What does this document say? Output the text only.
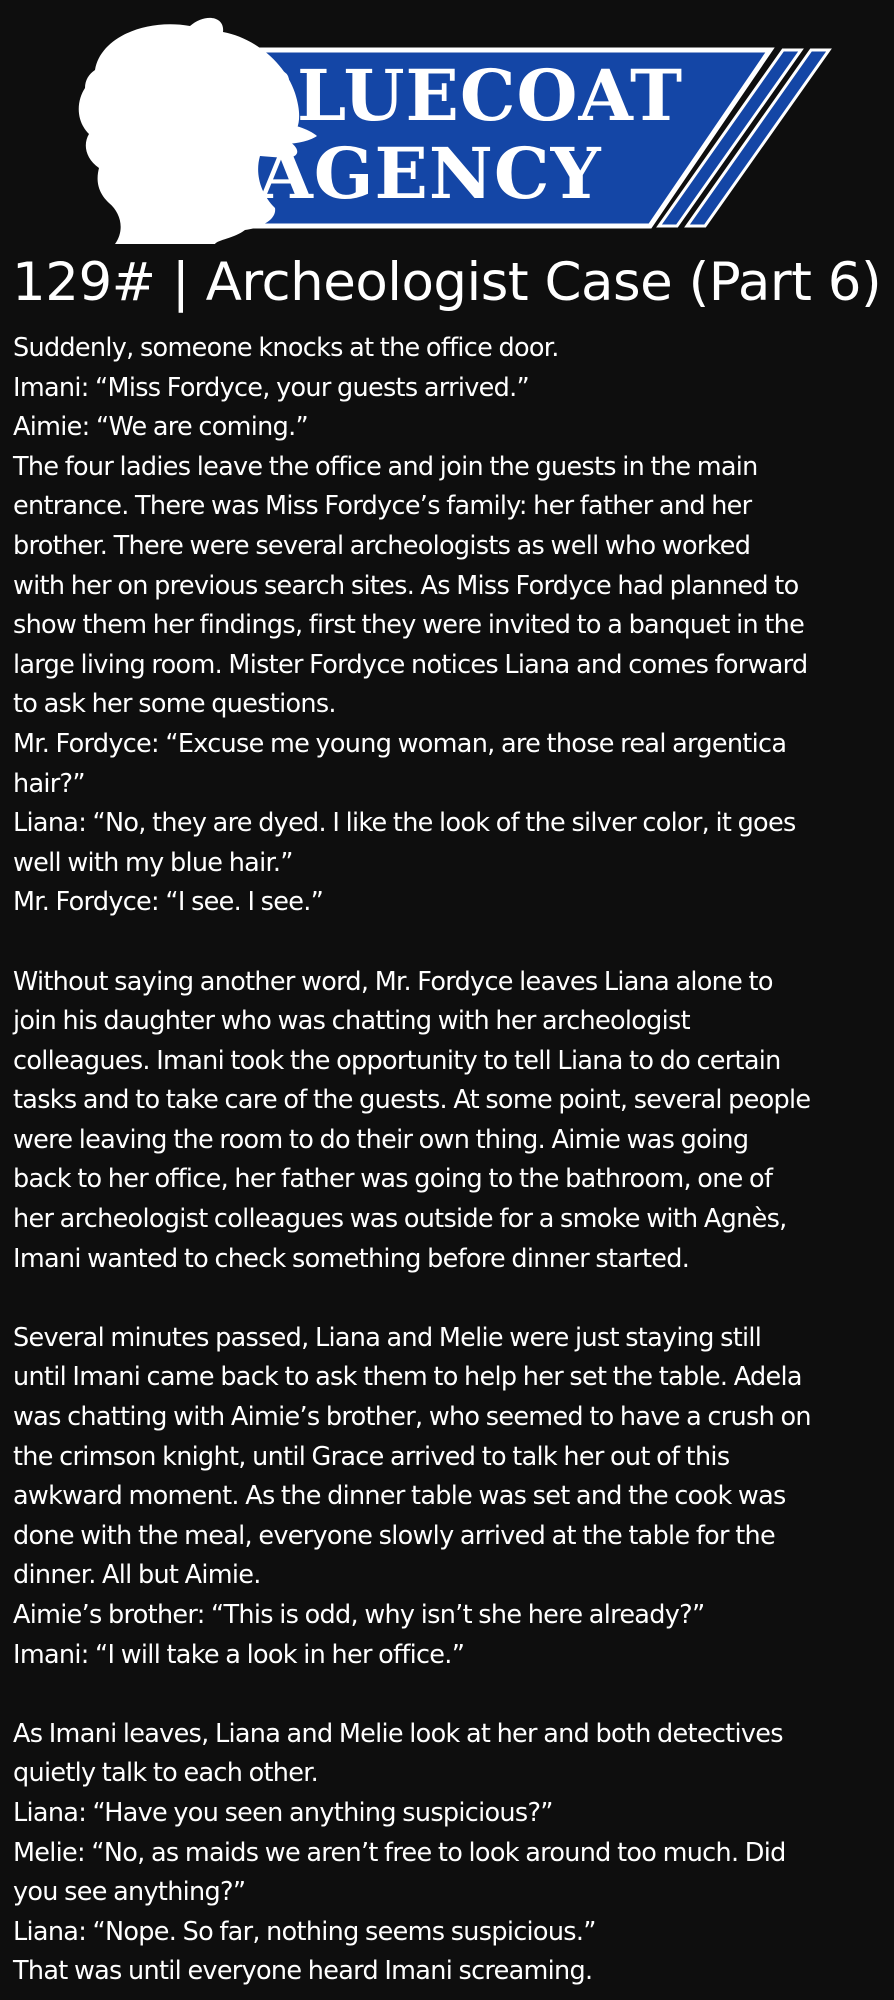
BLUECOAT
AGENCY
129# | Archeologist Case (Part 6)
Suddenly, someone knocks at the office door.
Imani: “Miss Fordyce, your guests arrived.”
Aimie: “We are coming.”
The four ladies leave the office and join the guests in the main
entrance. There was Miss Fordyce’s family: her father and her
brother. There were several archeologists as well who worked
with her on previous search sites. As Miss Fordyce had planned to
show them her findings, first they were invited to a banquet in the
large living room. Mister Fordyce notices Liana and comes forward
to ask her some questions.
Mr. Fordyce: “Excuse me young woman, are those real argentica
hair?”
Liana: “No, they are dyed. I like the look of the silver color, it goes
well with my blue hair.”
Mr. Fordyce: “I see. I see.”
Without saying another word, Mr. Fordyce leaves Liana alone to
join his daughter who was chatting with her archeologist
colleagues. Imani took the opportunity to tell Liana to do certain
tasks and to take care of the guests. At some point, several people
were leaving the room to do their own thing. Aimie was going
back to her office, her father was going to the bathroom, one of
her archeologist colleagues was outside for a smoke with Agnès,
Imani wanted to check something before dinner started.
Several minutes passed, Liana and Melie were just staying still
until Imani came back to ask them to help her set the table. Adela
was chatting with Aimie’s brother, who seemed to have a crush on
the crimson knight, until Grace arrived to talk her out of this
awkward moment. As the dinner table was set and the cook was
done with the meal, everyone slowly arrived at the table for the
dinner. All but Aimie.
Aimie’s brother: “This is odd, why isn’t she here already?”
Imani: “I will take a look in her office.”
As Imani leaves, Liana and Melie look at her and both detectives
quietly talk to each other.
Liana: “Have you seen anything suspicious?”
Melie: “No, as maids we aren’t free to look around too much. Did
you see anything?”
Liana: “Nope. So far, nothing seems suspicious.”
That was until everyone heard Imani screaming.
